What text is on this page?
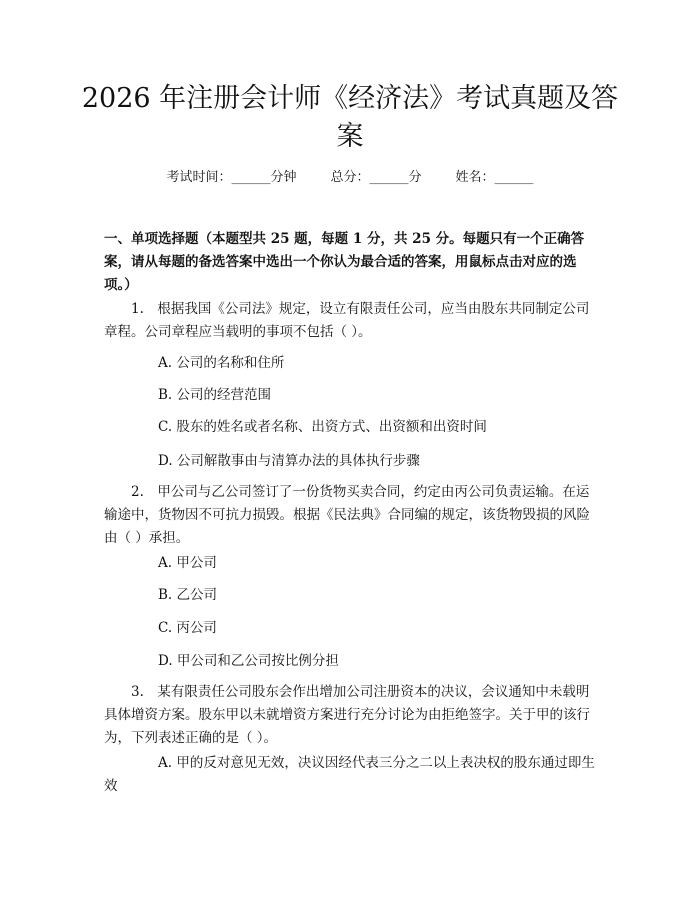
2026 年注册会计师《经济法》考试真题及答案
考试时间：______分钟	总分：______分	姓名：______

一、单项选择题（本题型共 25 题，每题 1 分，共 25 分。每题只有一个正确答案，请从每题的备选答案中选出一个你认为最合适的答案，用鼠标点击对应的选项。）

1.　根据我国《公司法》规定，设立有限责任公司，应当由股东共同制定公司章程。公司章程应当载明的事项不包括（ ）。

A. 公司的名称和住所

B. 公司的经营范围

C. 股东的姓名或者名称、出资方式、出资额和出资时间

D. 公司解散事由与清算办法的具体执行步骤

2.　甲公司与乙公司签订了一份货物买卖合同，约定由丙公司负责运输。在运输途中，货物因不可抗力损毁。根据《民法典》合同编的规定，该货物毁损的风险由（ ）承担。

A. 甲公司

B. 乙公司

C. 丙公司

D. 甲公司和乙公司按比例分担

3.　某有限责任公司股东会作出增加公司注册资本的决议，会议通知中未载明具体增资方案。股东甲以未就增资方案进行充分讨论为由拒绝签字。关于甲的该行为，下列表述正确的是（ ）。

A. 甲的反对意见无效，决议因经代表三分之二以上表决权的股东通过即生效
